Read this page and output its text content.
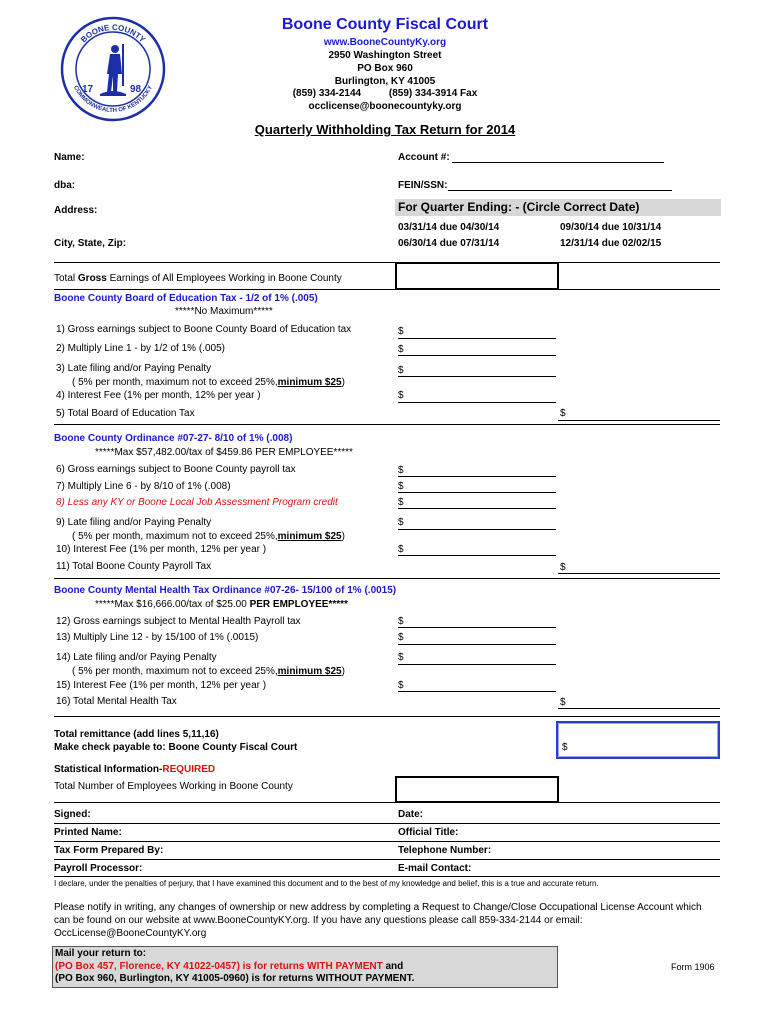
BOONE COUNTY
COMMONWEALTH OF KENTUCKY
17	98
Boone County Fiscal Court
www.BooneCountyKy.org
2950 Washington Street
PO Box 960
Burlington, KY 41005
(859) 334-2144          (859) 334-3914 Fax
occlicense@boonecountyky.org
Quarterly Withholding Tax Return for 2014
Name:	Account #:
dba:	FEIN/SSN:
Address:	For Quarter Ending: - (Circle Correct Date)
03/31/14 due 04/30/14	09/30/14 due 10/31/14
City, State, Zip:	06/30/14 due 07/31/14	12/31/14 due 02/02/15
Total Gross Earnings of All Employees Working in Boone County
Boone County Board of Education Tax - 1/2 of 1% (.005)
*****No Maximum*****
1) Gross earnings subject to Boone County Board of Education tax	$
2) Multiply Line 1 - by 1/2 of 1% (.005)	$
3) Late filing and/or Paying Penalty	$
( 5% per month, maximum not to exceed 25%,minimum $25)
4) Interest Fee (1% per month, 12% per year )	$
5) Total Board of Education Tax	$
Boone County Ordinance #07-27- 8/10 of 1% (.008)
*****Max $57,482.00/tax of $459.86 PER EMPLOYEE*****
6) Gross earnings subject to Boone County payroll tax	$
7) Multiply Line 6 - by 8/10 of 1% (.008)	$
8) Less any KY or Boone Local Job Assessment Program credit	$
9) Late filing and/or Paying Penalty	$
( 5% per month, maximum not to exceed 25%,minimum $25)
10) Interest Fee (1% per month, 12% per year )	$
11) Total Boone County Payroll Tax	$
Boone County Mental Health Tax Ordinance #07-26- 15/100 of 1% (.0015)
*****Max $16,666.00/tax of $25.00 PER EMPLOYEE*****
12) Gross earnings subject to Mental Health Payroll tax	$
13) Multiply Line 12 - by 15/100 of 1% (.0015)	$
14) Late filing and/or Paying Penalty	$
( 5% per month, maximum not to exceed 25%,minimum $25)
15) Interest Fee (1% per month, 12% per year )	$
16) Total Mental Health Tax	$
Total remittance (add lines 5,11,16)
Make check payable to: Boone County Fiscal Court	$
Statistical Information-REQUIRED
Total Number of Employees Working in Boone County
Signed:	Date:
Printed Name:	Official Title:
Tax Form Prepared By:	Telephone Number:
Payroll Processor:	E-mail Contact:
I declare, under the penalties of perjury, that I have examined this document and to the best of my knowledge and belief, this is a true and accurate return.
Please notify in writing, any changes of ownership or new address by completing a Request to Change/Close Occupational License Account which
can be found on our website at www.BooneCountyKY.org. If you have any questions please call 859-334-2144 or email:
OccLicense@BooneCountyKY.org
Mail your return to:
(PO Box 457, Florence, KY 41022-0457) is for returns WITH PAYMENT and
(PO Box 960, Burlington, KY 41005-0960) is for returns WITHOUT PAYMENT.
Form 1906
